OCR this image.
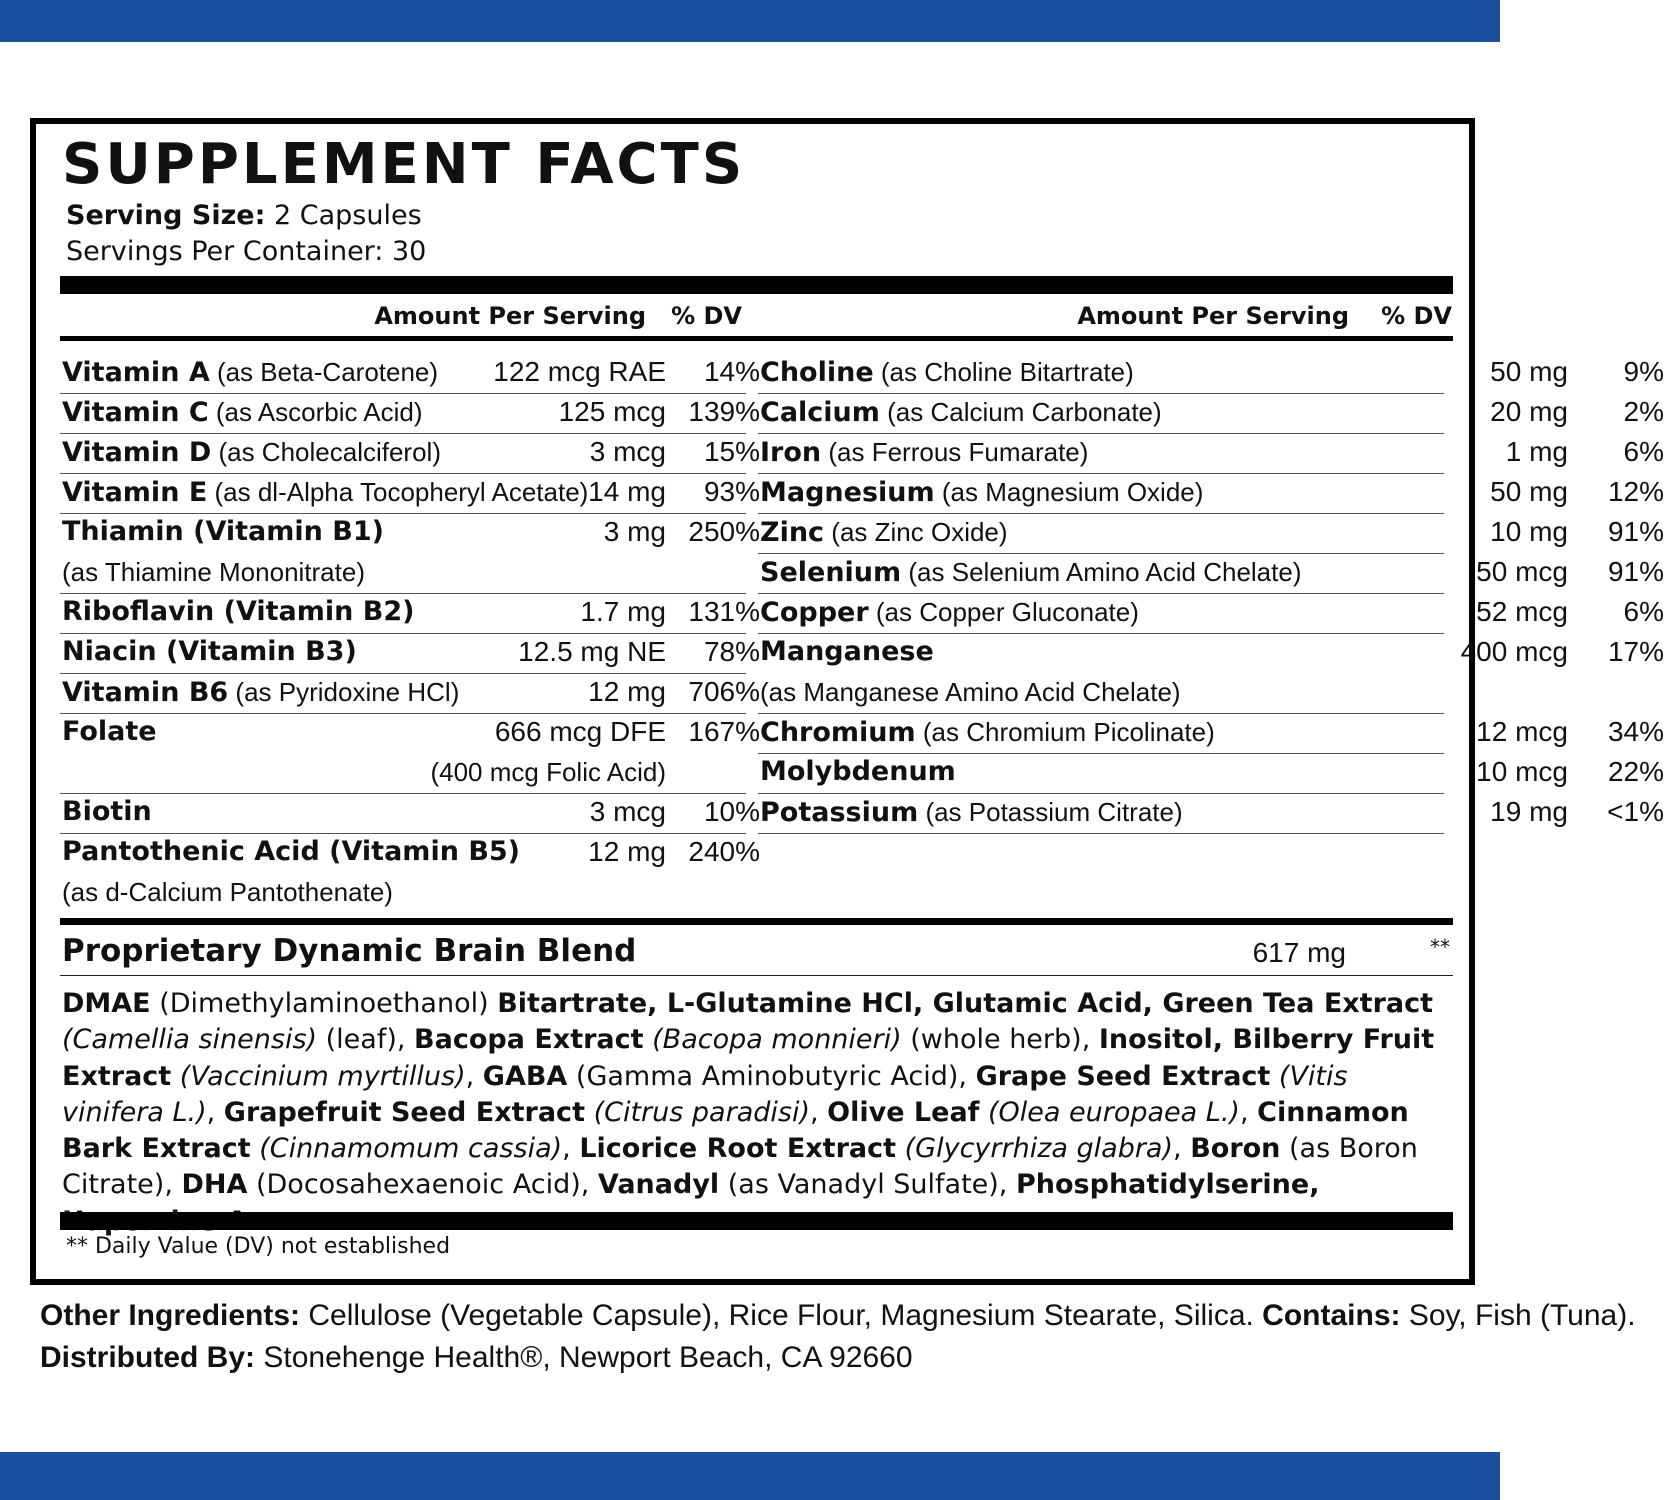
SUPPLEMENT FACTS
Serving Size: 2 Capsules
Servings Per Container: 30
Amount Per Serving	% DV	Amount Per Serving	% DV
Vitamin A (as Beta-Carotene)	122 mcg RAE	14%
Vitamin C (as Ascorbic Acid)	125 mcg 139%
Vitamin D (as Cholecalciferol)	3 mcg	15%
Vitamin E (as dl-Alpha Tocopheryl Acetate) 14 mg	93%
Thiamin (Vitamin B1)	3 mg 250%
(as Thiamine Mononitrate)
Riboflavin (Vitamin B2)	1.7 mg 131%
Niacin (Vitamin B3)	12.5 mg NE	78%
Vitamin B6 (as Pyridoxine HCl)	12 mg 706%
Folate	666 mcg DFE 167%
(400 mcg Folic Acid)
Biotin	3 mcg	10%
Pantothenic Acid (Vitamin B5)	12 mg 240%
(as d-Calcium Pantothenate)
Choline (as Choline Bitartrate)	50 mg	9%
Calcium (as Calcium Carbonate)	20 mg	2%
Iron (as Ferrous Fumarate)	1 mg	6%
Magnesium (as Magnesium Oxide)	50 mg	12%
Zinc (as Zinc Oxide)	10 mg	91%
Selenium (as Selenium Amino Acid Chelate)	50 mcg	91%
Copper (as Copper Gluconate)	52 mcg	6%
Manganese	400 mcg	17%
(as Manganese Amino Acid Chelate)
Chromium (as Chromium Picolinate)	12 mcg	34%
Molybdenum	10 mcg	22%
Potassium (as Potassium Citrate)	19 mg	<1%
Proprietary Dynamic Brain Blend	617 mg	**
DMAE (Dimethylaminoethanol) Bitartrate, L-Glutamine HCl, Glutamic Acid, Green Tea Extract (Camellia sinensis) (leaf), Bacopa Extract (Bacopa monnieri) (whole herb), Inositol, Bilberry Fruit Extract (Vaccinium myrtillus), GABA (Gamma Aminobutyric Acid), Grape Seed Extract (Vitis vinifera L.), Grapefruit Seed Extract (Citrus paradisi), Olive Leaf (Olea europaea L.), Cinnamon Bark Extract (Cinnamomum cassia), Licorice Root Extract (Glycyrrhiza glabra), Boron (as Boron Citrate), DHA (Docosahexaenoic Acid), Vanadyl (as Vanadyl Sulfate), Phosphatidylserine,
** Daily Value (DV) not established
Other Ingredients: Cellulose (Vegetable Capsule), Rice Flour, Magnesium Stearate, Silica. Contains: Soy, Fish (Tuna).
Distributed By: Stonehenge Health®, Newport Beach, CA 92660
